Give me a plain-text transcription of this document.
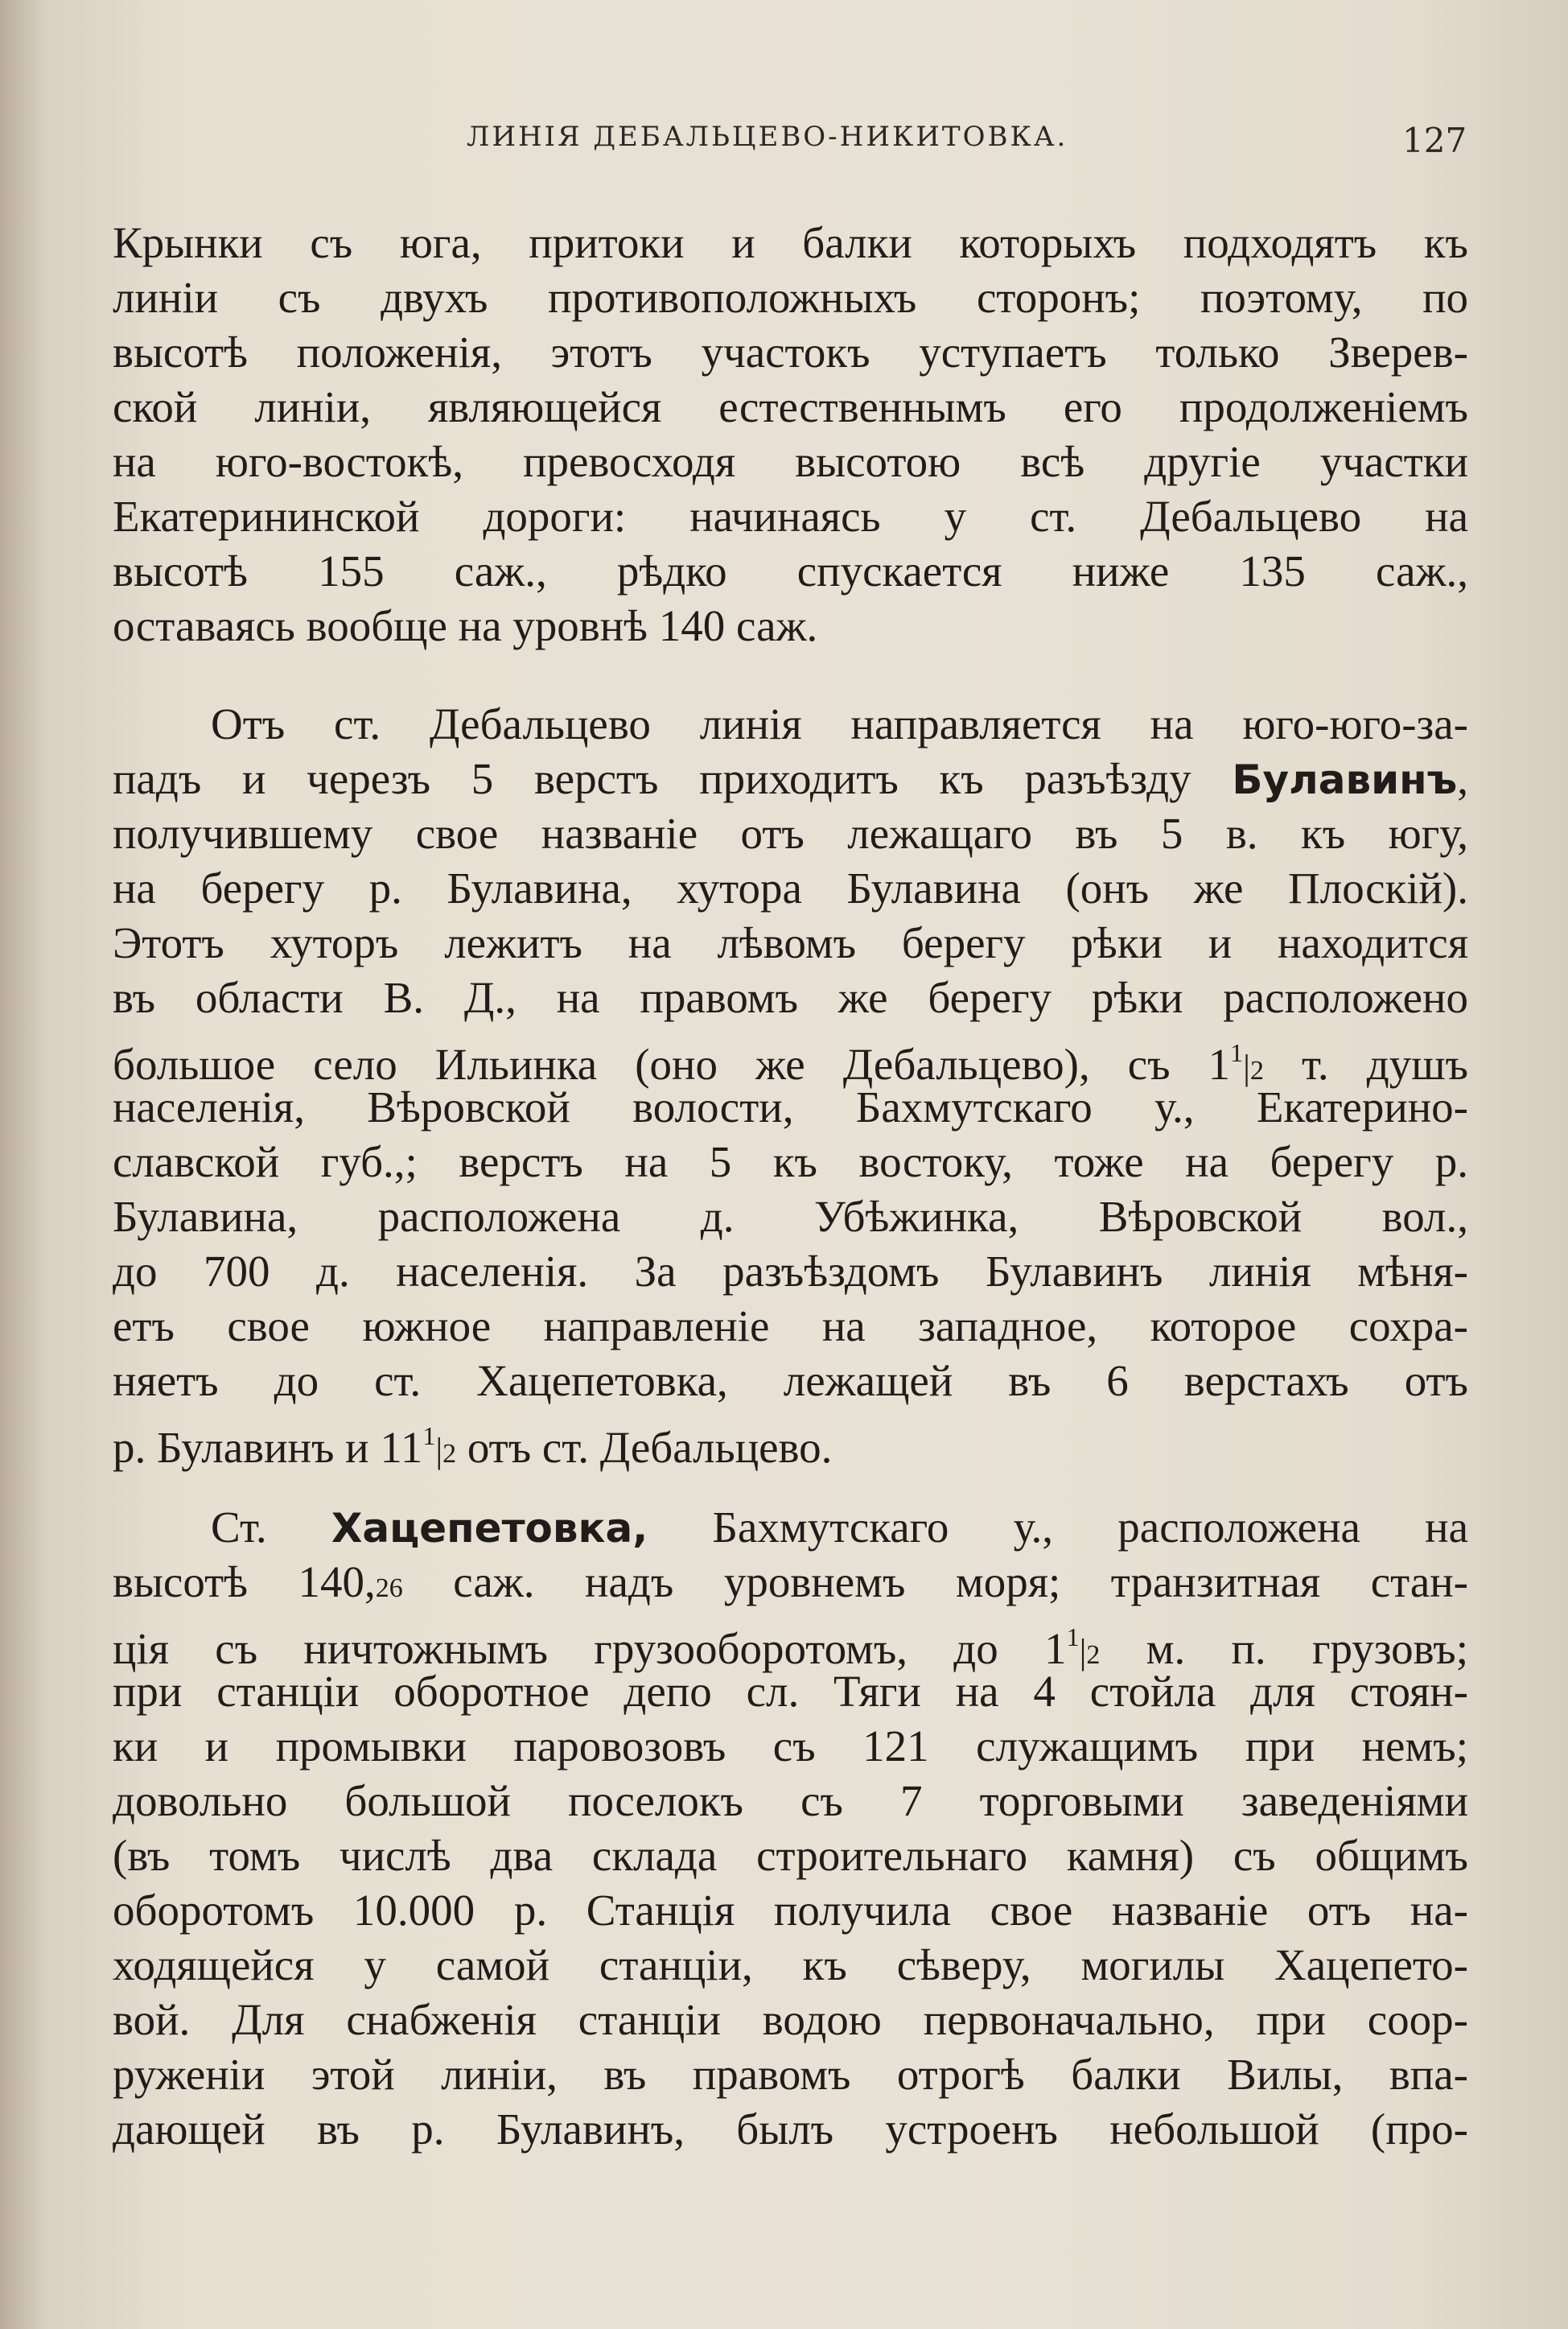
ЛИНІЯ ДЕБАЛЬЦЕВО-НИКИТОВКА.	127
Крынки съ юга, притоки и балки которыхъ подходятъ къ
линіи съ двухъ противоположныхъ сторонъ; поэтому, по
высотѣ положенія, этотъ участокъ уступаетъ только Зверев-
ской линіи, являющейся естественнымъ его продолженіемъ
на юго-востокѣ, превосходя высотою всѣ другіе участки
Екатерининской дороги: начинаясь у ст. Дебальцево на
высотѣ 155 саж., рѣдко спускается ниже 135 саж.,
оставаясь вообще на уровнѣ 140 саж.
Отъ ст. Дебальцево линія направляется на юго-юго-за-
падъ и черезъ 5 верстъ приходитъ къ разъѣзду Булавинъ,
получившему свое названіе отъ лежащаго въ 5 в. къ югу,
на берегу р. Булавина, хутора Булавина (онъ же Плоскій).
Этотъ хуторъ лежитъ на лѣвомъ берегу рѣки и находится
въ области В. Д., на правомъ же берегу рѣки расположено
большое село Ильинка (оно же Дебальцево), съ $1^1|2$ т. душъ
населенія, Вѣровской волости, Бахмутскаго у., Екатерино-
славской губ.,; верстъ на 5 къ востоку, тоже на берегу р.
Булавина, расположена д. Убѣжинка, Вѣровской вол.,
до 700 д. населенія. За разъѣздомъ Булавинъ линія мѣня-
етъ свое южное направленіе на западное, которое сохра-
няетъ до ст. Хацепетовка, лежащей въ 6 верстахъ отъ
р. Булавинъ и $11^1|2$ отъ ст. Дебальцево.
Ст. Хацепетовка, Бахмутскаго у., расположена на
высотѣ 140,26 саж. надъ уровнемъ моря; транзитная стан-
ція съ ничтожнымъ грузооборотомъ, до $1^1|2$ м. п. грузовъ;
при станціи оборотное депо сл. Тяги на 4 стойла для стоян-
ки и промывки паровозовъ съ 121 служащимъ при немъ;
довольно большой поселокъ съ 7 торговыми заведеніями
(въ томъ числѣ два склада строительнаго камня) съ общимъ
оборотомъ 10.000 р. Станція получила свое названіе отъ на-
ходящейся у самой станціи, къ сѣверу, могилы Хацепето-
вой. Для снабженія станціи водою первоначально, при соор-
руженіи этой линіи, въ правомъ отрогѣ балки Вилы, впа-
дающей въ р. Булавинъ, былъ устроенъ небольшой (про-
